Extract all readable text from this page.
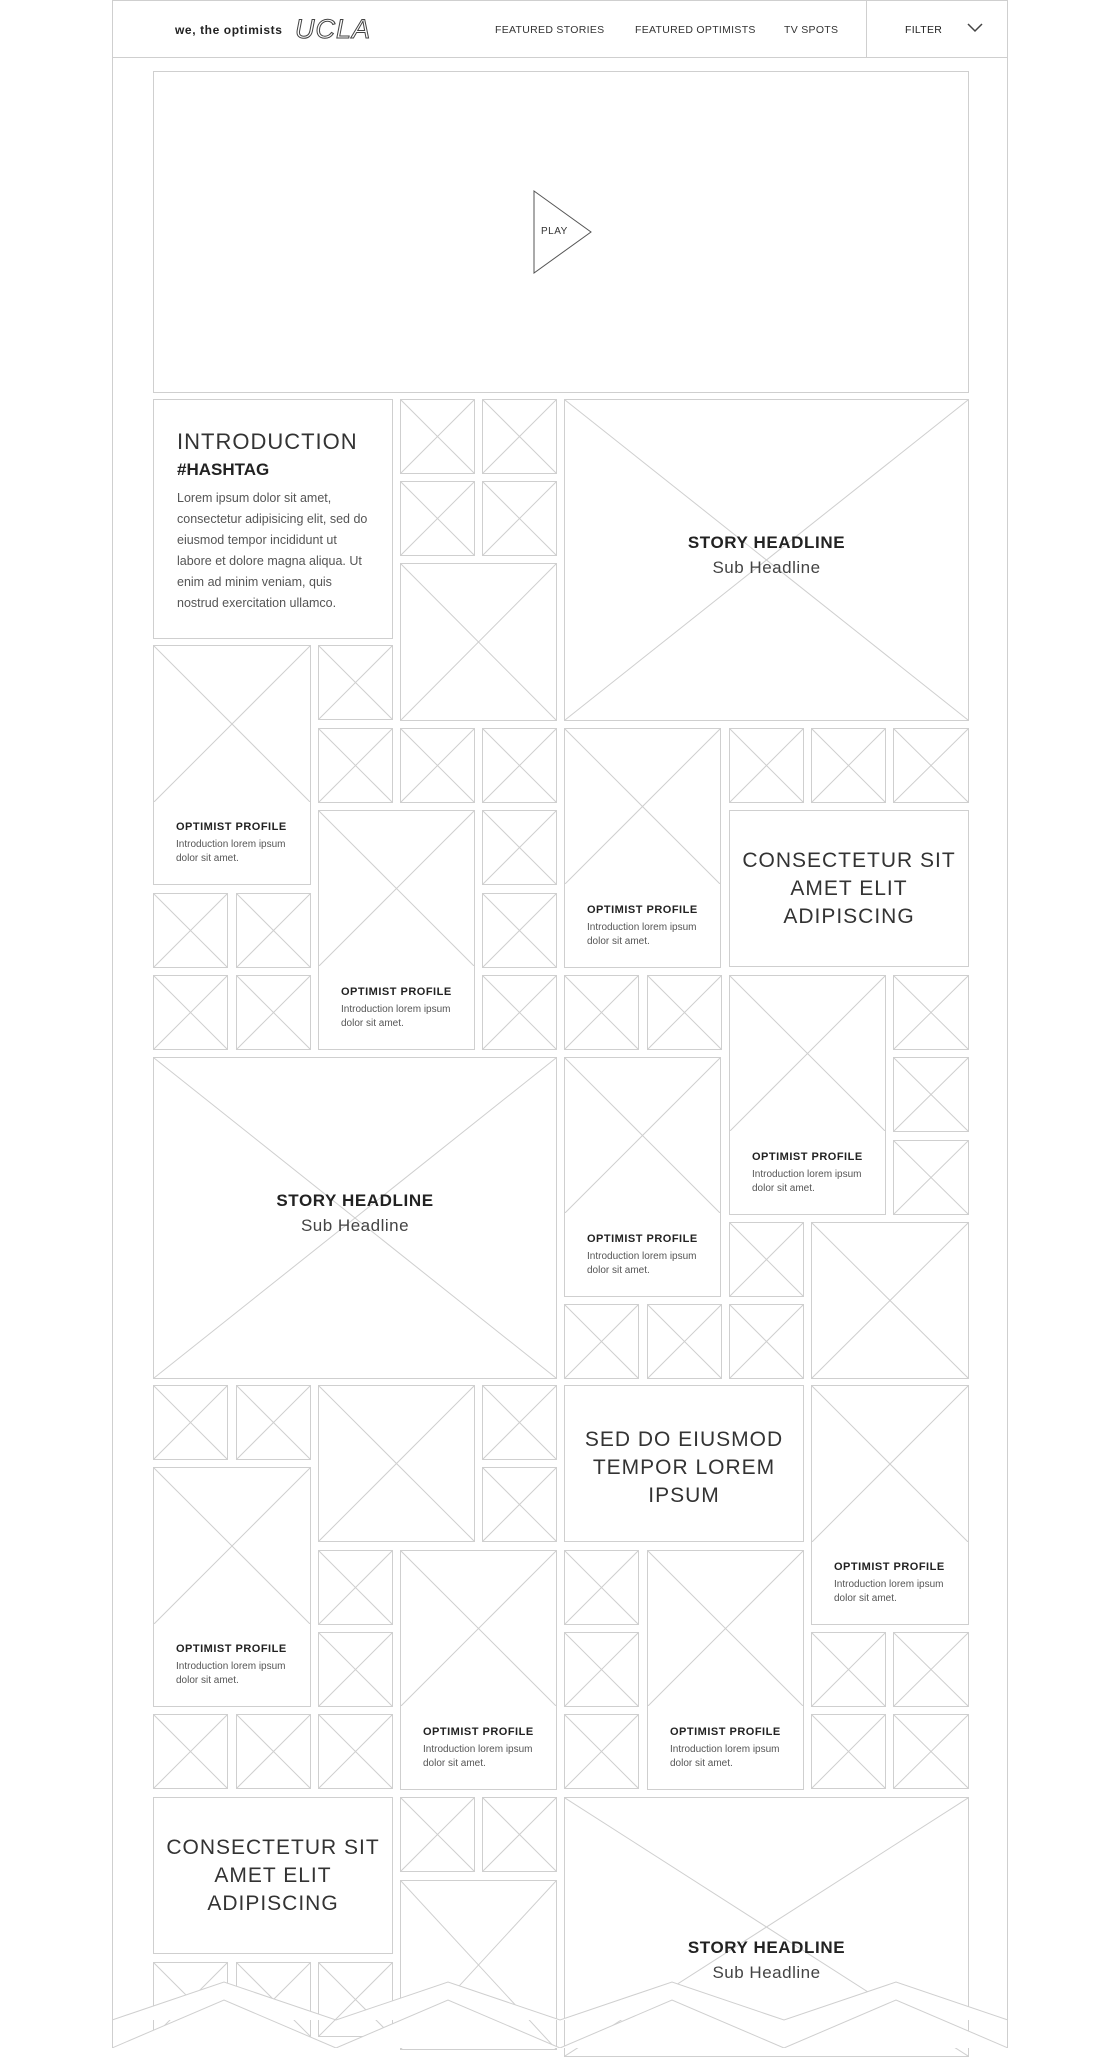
we, the optimists UCLA	FEATURED STORIES	FEATURED OPTIMISTS	TV SPOTS	FILTER
PLAY
INTRODUCTION
#HASHTAG

Lorem ipsum dolor sit amet, consectetur adipisicing elit, sed do eiusmod tempor incididunt ut labore et dolore magna aliqua. Ut enim ad minim veniam, quis nostrud exercitation ullamco.

STORY HEADLINE
Sub Headline
STORY HEADLINE
Sub Headline
STORY HEADLINE
Sub Headline
CONSECTETUR SIT AMET ELIT ADIPISCING
SED DO EIUSMOD TEMPOR LOREM IPSUM
CONSECTETUR SIT AMET ELIT ADIPISCING
OPTIMIST PROFILE
Introduction lorem ipsum dolor sit amet.
OPTIMIST PROFILE
Introduction lorem ipsum dolor sit amet.
OPTIMIST PROFILE
Introduction lorem ipsum dolor sit amet.
OPTIMIST PROFILE
Introduction lorem ipsum dolor sit amet.
OPTIMIST PROFILE
Introduction lorem ipsum dolor sit amet.
OPTIMIST PROFILE
Introduction lorem ipsum dolor sit amet.
OPTIMIST PROFILE
Introduction lorem ipsum dolor sit amet.
OPTIMIST PROFILE
Introduction lorem ipsum dolor sit amet.
OPTIMIST PROFILE
Introduction lorem ipsum dolor sit amet.
